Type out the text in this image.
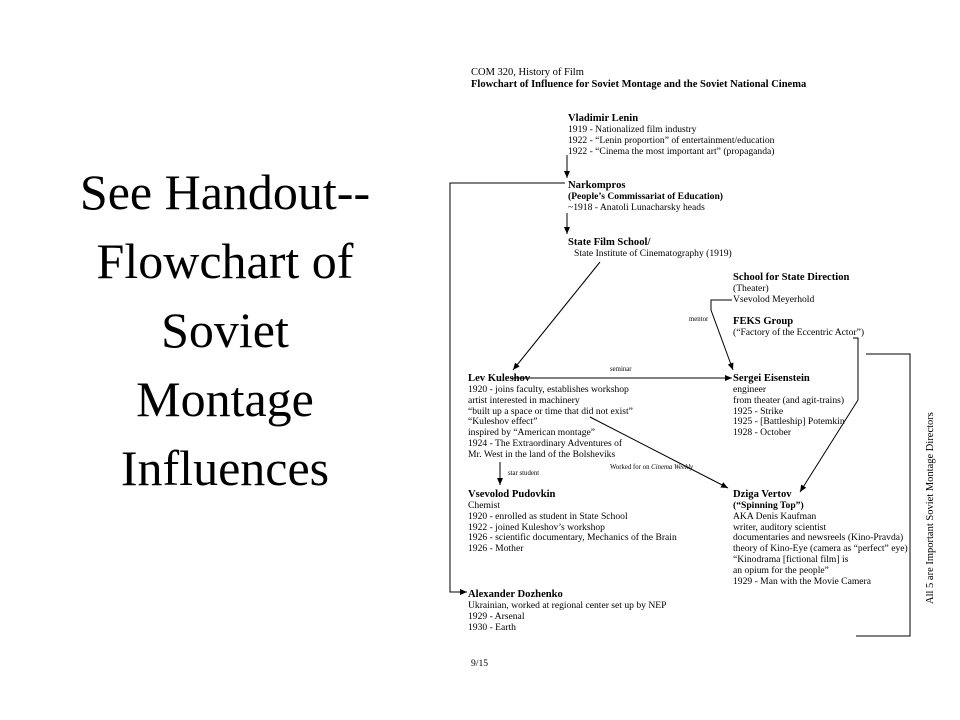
See Handout--
Flowchart of
Soviet
Montage
Influences
COM 320, History of Film
Flowchart of Influence for Soviet Montage and the Soviet National Cinema
Vladimir Lenin
1919 - Nationalized film industry
1922 - “Lenin proportion” of entertainment/education
1922 - “Cinema the most important art” (propaganda)
Narkompros
(People’s Commissariat of Education)
~1918 - Anatoli Lunacharsky heads
State Film School/
State Institute of Cinematography (1919)
School for State Direction
(Theater)
Vsevolod Meyerhold
FEKS Group
(“Factory of the Eccentric Actor”)
Lev Kuleshov
1920 - joins faculty, establishes workshop
artist interested in machinery
“built up a space or time that did not exist”
“Kuleshov effect”
inspired by “American montage”
1924 - The Extraordinary Adventures of
Mr. West in the land of the Bolsheviks
Sergei Eisenstein
engineer
from theater (and agit-trains)
1925 - Strike
1925 - [Battleship] Potemkin
1928 - October
Vsevolod Pudovkin
Chemist
1920 - enrolled as student in State School
1922 - joined Kuleshov’s workshop
1926 - scientific documentary, Mechanics of the Brain
1926 - Mother
Dziga Vertov
(“Spinning Top”)
AKA Denis Kaufman
writer, auditory scientist
documentaries and newsreels (Kino-Pravda)
theory of Kino-Eye (camera as “perfect” eye)
“Kinodrama [fictional film] is
an opium for the people”
1929 - Man with the Movie Camera
Alexander Dozhenko
Ukrainian, worked at regional center set up by NEP
1929 - Arsenal
1930 - Earth
mentor
seminar
star student
Worked for on Cinema Weekly	All 5 are Important Soviet Montage Directors
9/15
